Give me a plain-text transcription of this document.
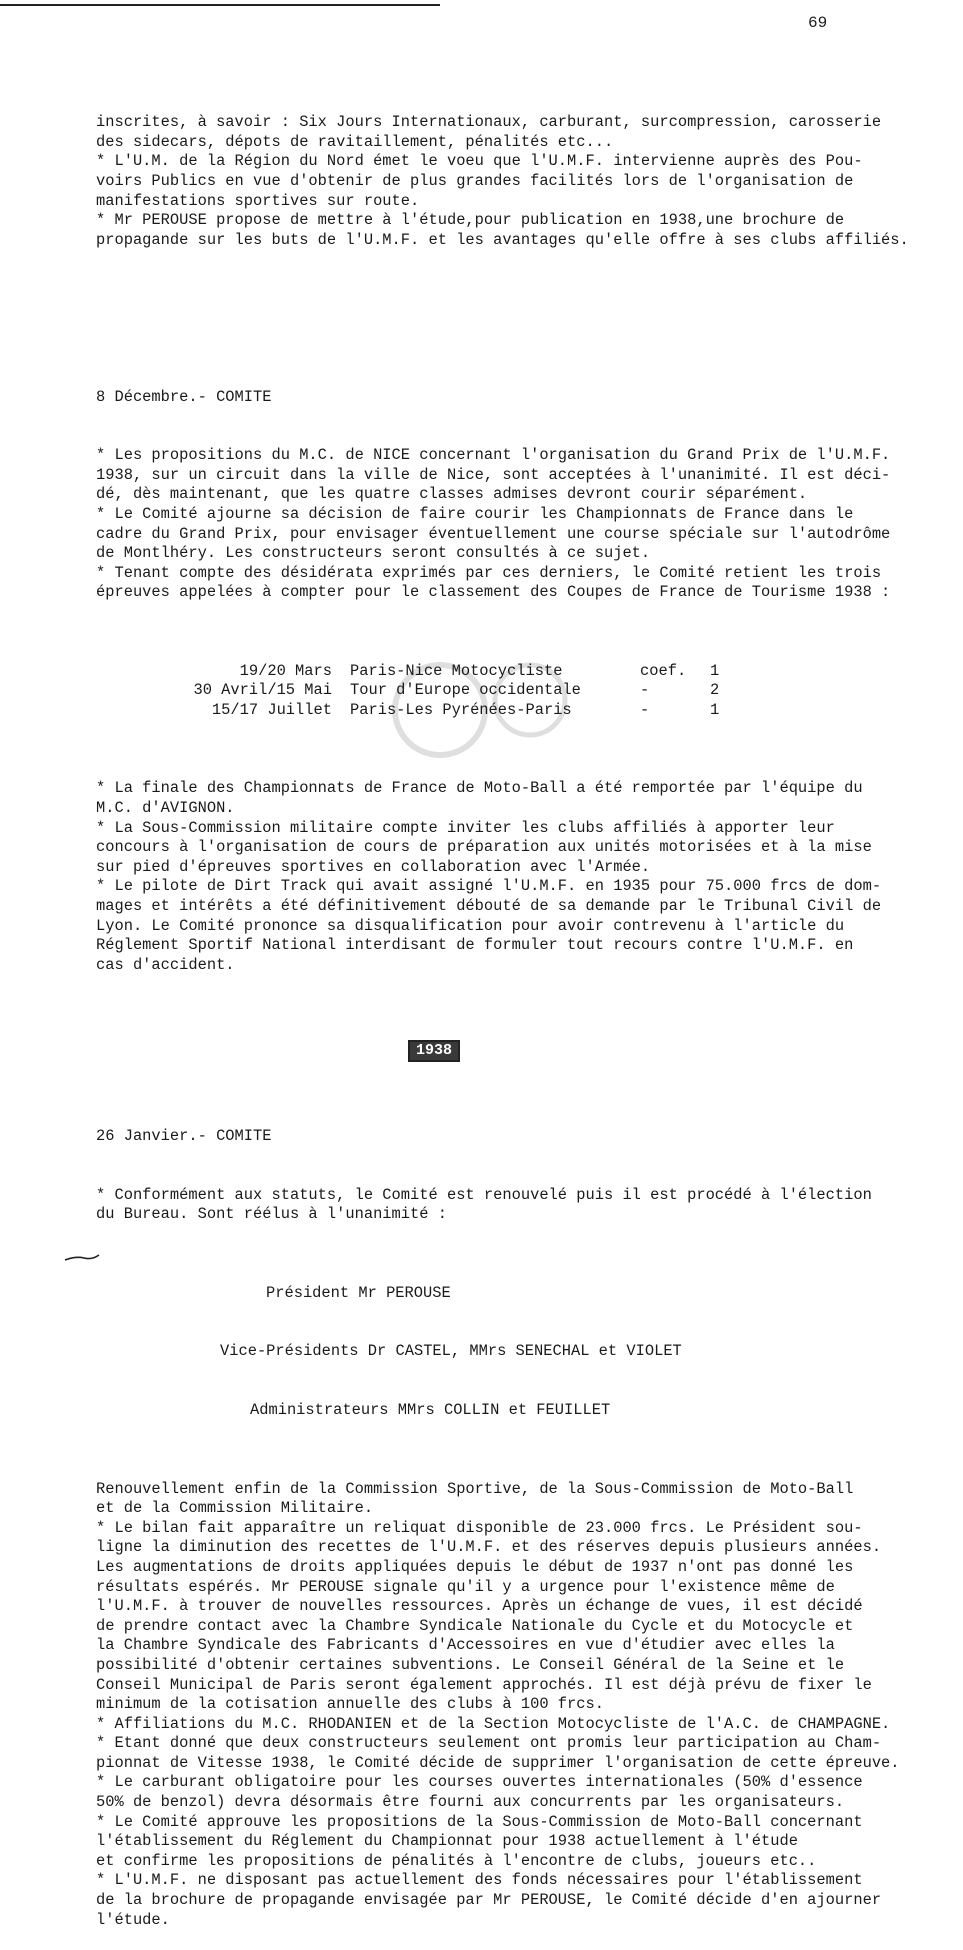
69

inscrites, à savoir : Six Jours Internationaux, carburant, surcompression, carosserie
des sidecars, dépots de ravitaillement, pénalités etc...
* L'U.M. de la Région du Nord émet le voeu que l'U.M.F. intervienne auprès des Pou-
voirs Publics en vue d'obtenir de plus grandes facilités lors de l'organisation de
manifestations sportives sur route.
* Mr PEROUSE propose de mettre à l'étude,pour publication en 1938,une brochure de
propagande sur les buts de l'U.M.F. et les avantages qu'elle offre à ses clubs affiliés.

8 Décembre.- COMITE

* Les propositions du M.C. de NICE concernant l'organisation du Grand Prix de l'U.M.F.
1938, sur un circuit dans la ville de Nice, sont acceptées à l'unanimité. Il est déci-
dé, dès maintenant, que les quatre classes admises devront courir séparément.
* Le Comité ajourne sa décision de faire courir les Championnats de France dans le
cadre du Grand Prix, pour envisager éventuellement une course spéciale sur l'autodrôme
de Montlhéry. Les constructeurs seront consultés à ce sujet.
* Tenant compte des désidérata exprimés par ces derniers, le Comité retient les trois
épreuves appelées à compter pour le classement des Coupes de France de Tourisme 1938 :

19/20 Mars	Paris-Nice Motocycliste	coef.	1
30 Avril/15 Mai	Tour d'Europe occidentale	-	2
15/17 Juillet	Paris-Les Pyrénées-Paris	-	1

* La finale des Championnats de France de Moto-Ball a été remportée par l'équipe du
M.C. d'AVIGNON.
* La Sous-Commission militaire compte inviter les clubs affiliés à apporter leur
concours à l'organisation de cours de préparation aux unités motorisées et à la mise
sur pied d'épreuves sportives en collaboration avec l'Armée.
* Le pilote de Dirt Track qui avait assigné l'U.M.F. en 1935 pour 75.000 frcs de dom-
mages et intérêts a été définitivement débouté de sa demande par le Tribunal Civil de
Lyon. Le Comité prononce sa disqualification pour avoir contrevenu à l'article du
Réglement Sportif National interdisant de formuler tout recours contre l'U.M.F. en
cas d'accident.

1938

26 Janvier.- COMITE

* Conformément aux statuts, le Comité est renouvelé puis il est procédé à l'élection
du Bureau. Sont réélus à l'unanimité :

Président Mr PEROUSE

Vice-Présidents Dr CASTEL, MMrs SENECHAL et VIOLET

Administrateurs MMrs COLLIN et FEUILLET

Renouvellement enfin de la Commission Sportive, de la Sous-Commission de Moto-Ball
et de la Commission Militaire.
* Le bilan fait apparaître un reliquat disponible de 23.000 frcs. Le Président sou-
ligne la diminution des recettes de l'U.M.F. et des réserves depuis plusieurs années.
Les augmentations de droits appliquées depuis le début de 1937 n'ont pas donné les
résultats espérés. Mr PEROUSE signale qu'il y a urgence pour l'existence même de
l'U.M.F. à trouver de nouvelles ressources. Après un échange de vues, il est décidé
de prendre contact avec la Chambre Syndicale Nationale du Cycle et du Motocycle et
la Chambre Syndicale des Fabricants d'Accessoires en vue d'étudier avec elles la
possibilité d'obtenir certaines subventions. Le Conseil Général de la Seine et le
Conseil Municipal de Paris seront également approchés. Il est déjà prévu de fixer le
minimum de la cotisation annuelle des clubs à 100 frcs.
* Affiliations du M.C. RHODANIEN et de la Section Motocycliste de l'A.C. de CHAMPAGNE.
* Etant donné que deux constructeurs seulement ont promis leur participation au Cham-
pionnat de Vitesse 1938, le Comité décide de supprimer l'organisation de cette épreuve.
* Le carburant obligatoire pour les courses ouvertes internationales (50% d'essence
50% de benzol) devra désormais être fourni aux concurrents par les organisateurs.
* Le Comité approuve les propositions de la Sous-Commission de Moto-Ball concernant
l'établissement du Réglement du Championnat pour 1938 actuellement à l'étude
et confirme les propositions de pénalités à l'encontre de clubs, joueurs etc..
* L'U.M.F. ne disposant pas actuellement des fonds nécessaires pour l'établissement
de la brochure de propagande envisagée par Mr PEROUSE, le Comité décide d'en ajourner
l'étude.
